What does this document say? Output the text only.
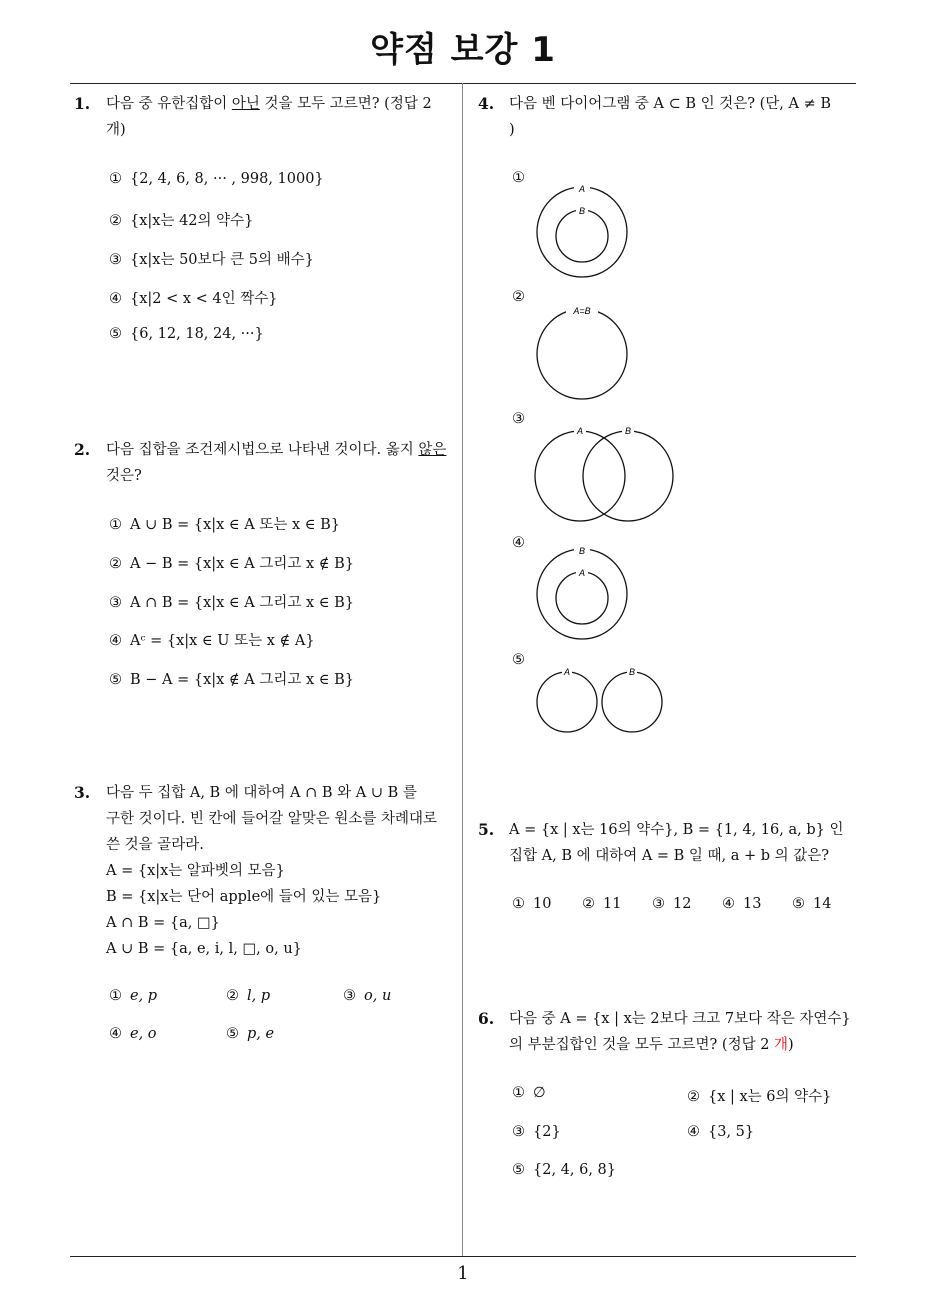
약점 보강 1
1
1. 다음 중 유한집합이 아닌 것을 모두 고르면? (정답 2
개)
① {2, 4, 6, 8, ··· , 998, 1000}
② {x|x는 42의 약수}
③ {x|x는 50보다 큰 5의 배수}
④ {x|2 < x < 4인 짝수}
⑤ {6, 12, 18, 24, ···}
2. 다음 집합을 조건제시법으로 나타낸 것이다. 옳지 않은
것은?
① A ∪ B = {x|x ∈ A 또는 x ∈ B}
② A − B = {x|x ∈ A 그리고 x ∉ B}
③ A ∩ B = {x|x ∈ A 그리고 x ∈ B}
④ Aᶜ = {x|x ∈ U 또는 x ∉ A}
⑤ B − A = {x|x ∉ A 그리고 x ∈ B}
3. 다음 두 집합 A, B 에 대하여 A ∩ B 와 A ∪ B 를
구한 것이다. 빈 칸에 들어갈 알맞은 원소를 차례대로
쓴 것을 골라라.
A = {x|x는 알파벳의 모음}
B = {x|x는 단어 apple에 들어 있는 모음}
A ∩ B = {a, □}
A ∪ B = {a, e, i, l, □, o, u}
① e, p	② l, p	③ o, u
④ e, o	⑤ p, e
4. 다음 벤 다이어그램 중 A ⊂ B 인 것은? (단, A ≠ B
)
①
A
B
②
A=B
③
A	B
④	B
A
⑤
A	B
5. A = {x | x는 16의 약수}, B = {1, 4, 16, a, b} 인
집합 A, B 에 대하여 A = B 일 때, a + b 의 값은?
① 10 ② 11 ③ 12 ④ 13 ⑤ 14
6. 다음 중 A = {x | x는 2보다 크고 7보다 작은 자연수}
의 부분집합인 것을 모두 고르면? (정답 2 개)
① ∅	② {x | x는 6의 약수}
③ {2}	④ {3, 5}
⑤ {2, 4, 6, 8}
